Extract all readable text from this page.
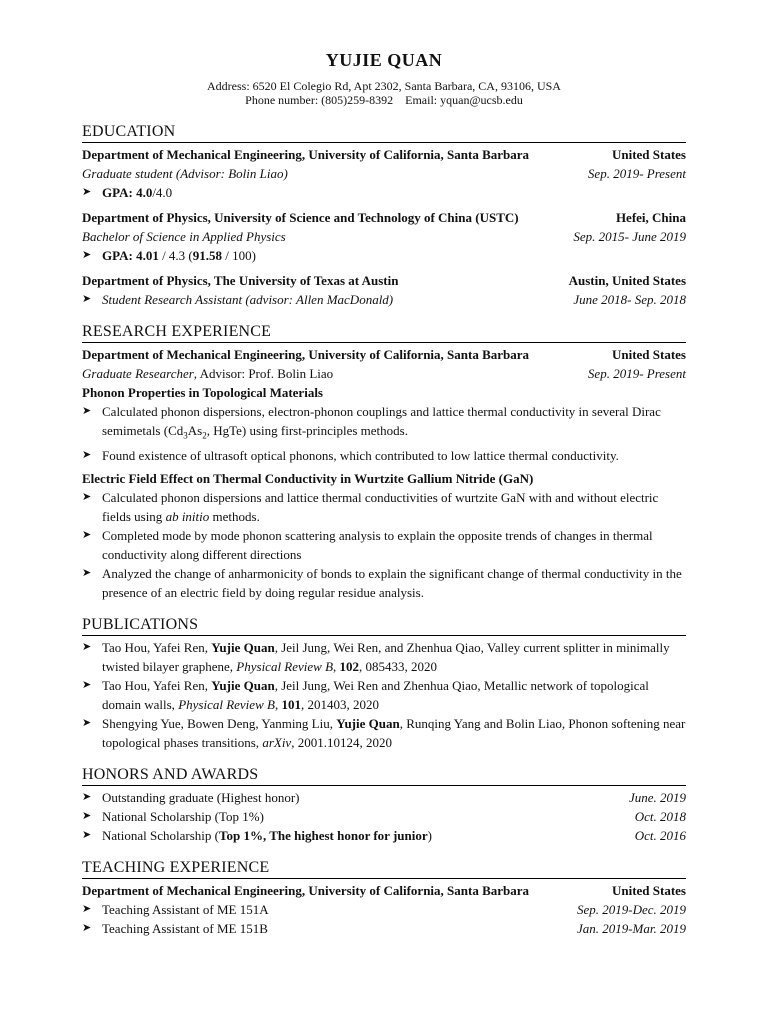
YUJIE QUAN
Address: 6520 El Colegio Rd, Apt 2302, Santa Barbara, CA, 93106, USA
Phone number: (805)259-8392 Email: yquan@ucsb.edu
EDUCATION
Department of Mechanical Engineering, University of California, Santa Barbara	United States
Graduate student (Advisor: Bolin Liao)	Sep. 2019- Present
➤ GPA: 4.0/4.0
Department of Physics, University of Science and Technology of China (USTC)	Hefei, China
Bachelor of Science in Applied Physics	Sep. 2015- June 2019
➤ GPA: 4.01 / 4.3 (91.58 / 100)
Department of Physics, The University of Texas at Austin	Austin, United States
➤ Student Research Assistant (advisor: Allen MacDonald)	June 2018- Sep. 2018
RESEARCH EXPERIENCE
Department of Mechanical Engineering, University of California, Santa Barbara	United States
Graduate Researcher, Advisor: Prof. Bolin Liao	Sep. 2019- Present
Phonon Properties in Topological Materials
➤ Calculated phonon dispersions, electron-phonon couplings and lattice thermal conductivity in several Dirac semimetals ($Cd_3As_2$, HgTe) using first-principles methods.
➤ Found existence of ultrasoft optical phonons, which contributed to low lattice thermal conductivity.
Electric Field Effect on Thermal Conductivity in Wurtzite Gallium Nitride (GaN)
➤ Calculated phonon dispersions and lattice thermal conductivities of wurtzite GaN with and without electric fields using ab initio methods.
➤ Completed mode by mode phonon scattering analysis to explain the opposite trends of changes in thermal conductivity along different directions
➤ Analyzed the change of anharmonicity of bonds to explain the significant change of thermal conductivity in the presence of an electric field by doing regular residue analysis.
PUBLICATIONS
➤ Tao Hou, Yafei Ren, Yujie Quan, Jeil Jung, Wei Ren, and Zhenhua Qiao, Valley current splitter in minimally twisted bilayer graphene, Physical Review B, 102, 085433, 2020
➤ Tao Hou, Yafei Ren, Yujie Quan, Jeil Jung, Wei Ren and Zhenhua Qiao, Metallic network of topological domain walls, Physical Review B, 101, 201403, 2020
➤ Shengying Yue, Bowen Deng, Yanming Liu, Yujie Quan, Runqing Yang and Bolin Liao, Phonon softening near topological phases transitions, arXiv, 2001.10124, 2020
HONORS AND AWARDS
➤ Outstanding graduate (Highest honor)	June. 2019
➤ National Scholarship (Top 1%)	Oct. 2018
➤ National Scholarship (Top 1%, The highest honor for junior)	Oct. 2016
TEACHING EXPERIENCE
Department of Mechanical Engineering, University of California, Santa Barbara	United States
➤ Teaching Assistant of ME 151A	Sep. 2019-Dec. 2019
➤ Teaching Assistant of ME 151B	Jan. 2019-Mar. 2019
